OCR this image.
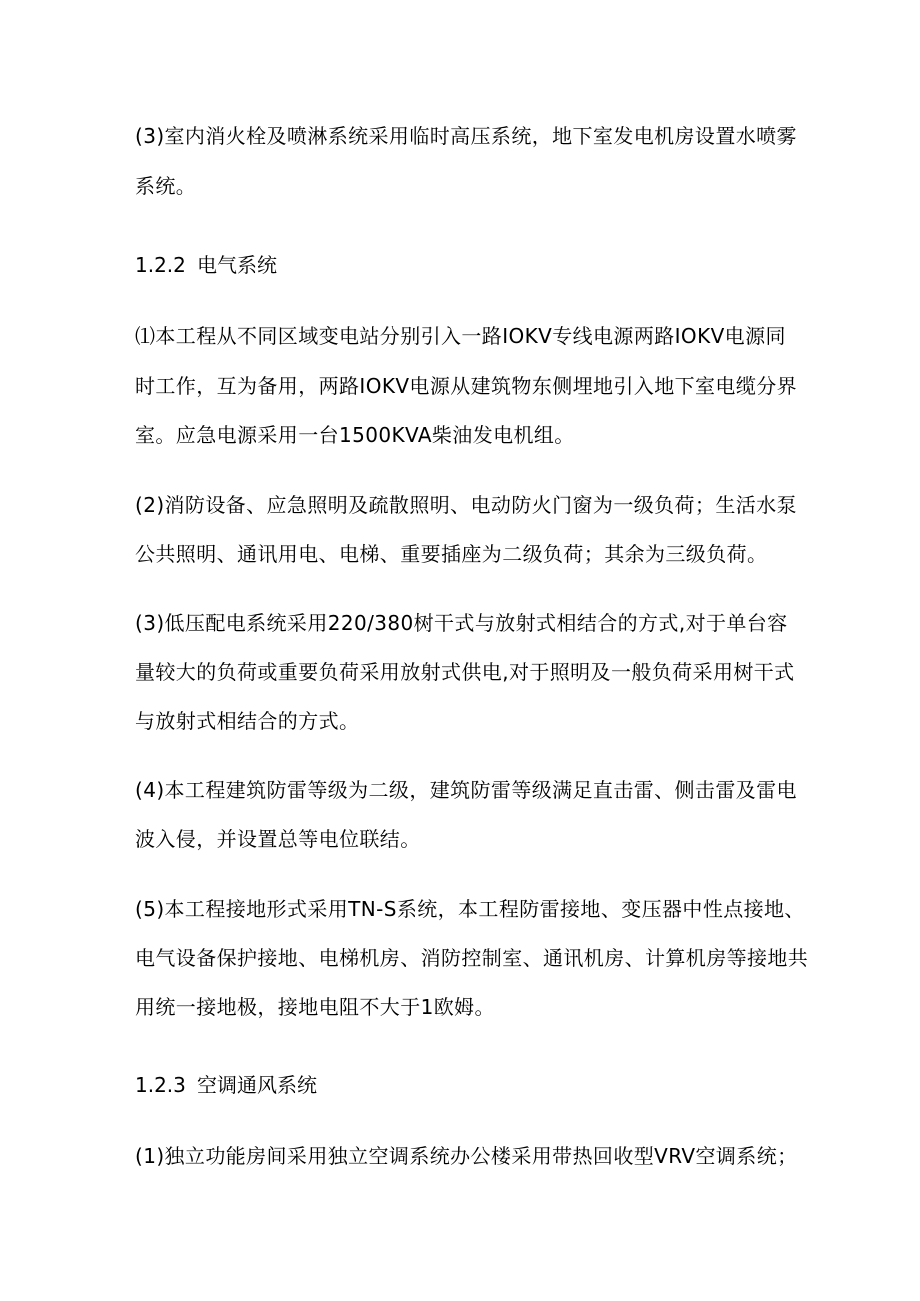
(3)室内消火栓及喷淋系统采用临时高压系统，地下室发电机房设置水喷雾
系统。
1.2.2 电气系统
⑴本工程从不同区域变电站分别引入一路IOKV专线电源两路IOKV电源同
时工作，互为备用，两路IOKV电源从建筑物东侧埋地引入地下室电缆分界
室。应急电源采用一台1500KVA柴油发电机组。
(2)消防设备、应急照明及疏散照明、电动防火门窗为一级负荷；生活水泵
公共照明、通讯用电、电梯、重要插座为二级负荷；其余为三级负荷。
(3)低压配电系统采用220/380树干式与放射式相结合的方式,对于单台容
量较大的负荷或重要负荷采用放射式供电,对于照明及一般负荷采用树干式
与放射式相结合的方式。
(4)本工程建筑防雷等级为二级，建筑防雷等级满足直击雷、侧击雷及雷电
波入侵，并设置总等电位联结。
(5)本工程接地形式采用TN-S系统，本工程防雷接地、变压器中性点接地、
电气设备保护接地、电梯机房、消防控制室、通讯机房、计算机房等接地共
用统一接地极，接地电阻不大于1欧姆。
1.2.3 空调通风系统
(1)独立功能房间采用独立空调系统办公楼采用带热回收型VRV空调系统；
